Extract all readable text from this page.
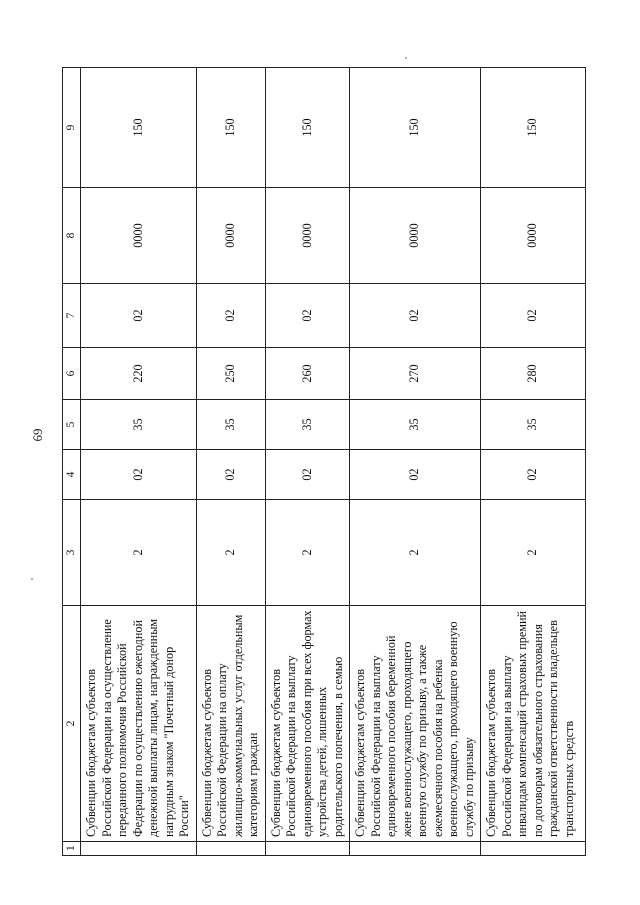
69
1	2	3	4	5	6	7	8	9
	Субвенции бюджетам субъектов Российской Федерации на осуществление переданного полномочия Российской Федерации по осуществлению ежегодной денежной выплаты лицам, награжденным нагрудным знаком "Почетный донор России"	2	02	35	220	02	0000	150
	Субвенции бюджетам субъектов Российской Федерации на оплату жилищно-коммунальных услуг отдельным категориям граждан	2	02	35	250	02	0000	150
	Субвенции бюджетам субъектов Российской Федерации на выплату единовременного пособия при всех формах устройства детей, лишенных родительского попечения, в семью	2	02	35	260	02	0000	150
	Субвенции бюджетам субъектов Российской Федерации на выплату единовременного пособия беременной жене военнослужащего, проходящего военную службу по призыву, а также ежемесячного пособия на ребенка военнослужащего, проходящего военную службу по призыву	2	02	35	270	02	0000	150
	Субвенции бюджетам субъектов Российской Федерации на выплату инвалидам компенсаций страховых премий по договорам обязательного страхования гражданской ответственности владельцев транспортных средств	2	02	35	280	02	0000	150
